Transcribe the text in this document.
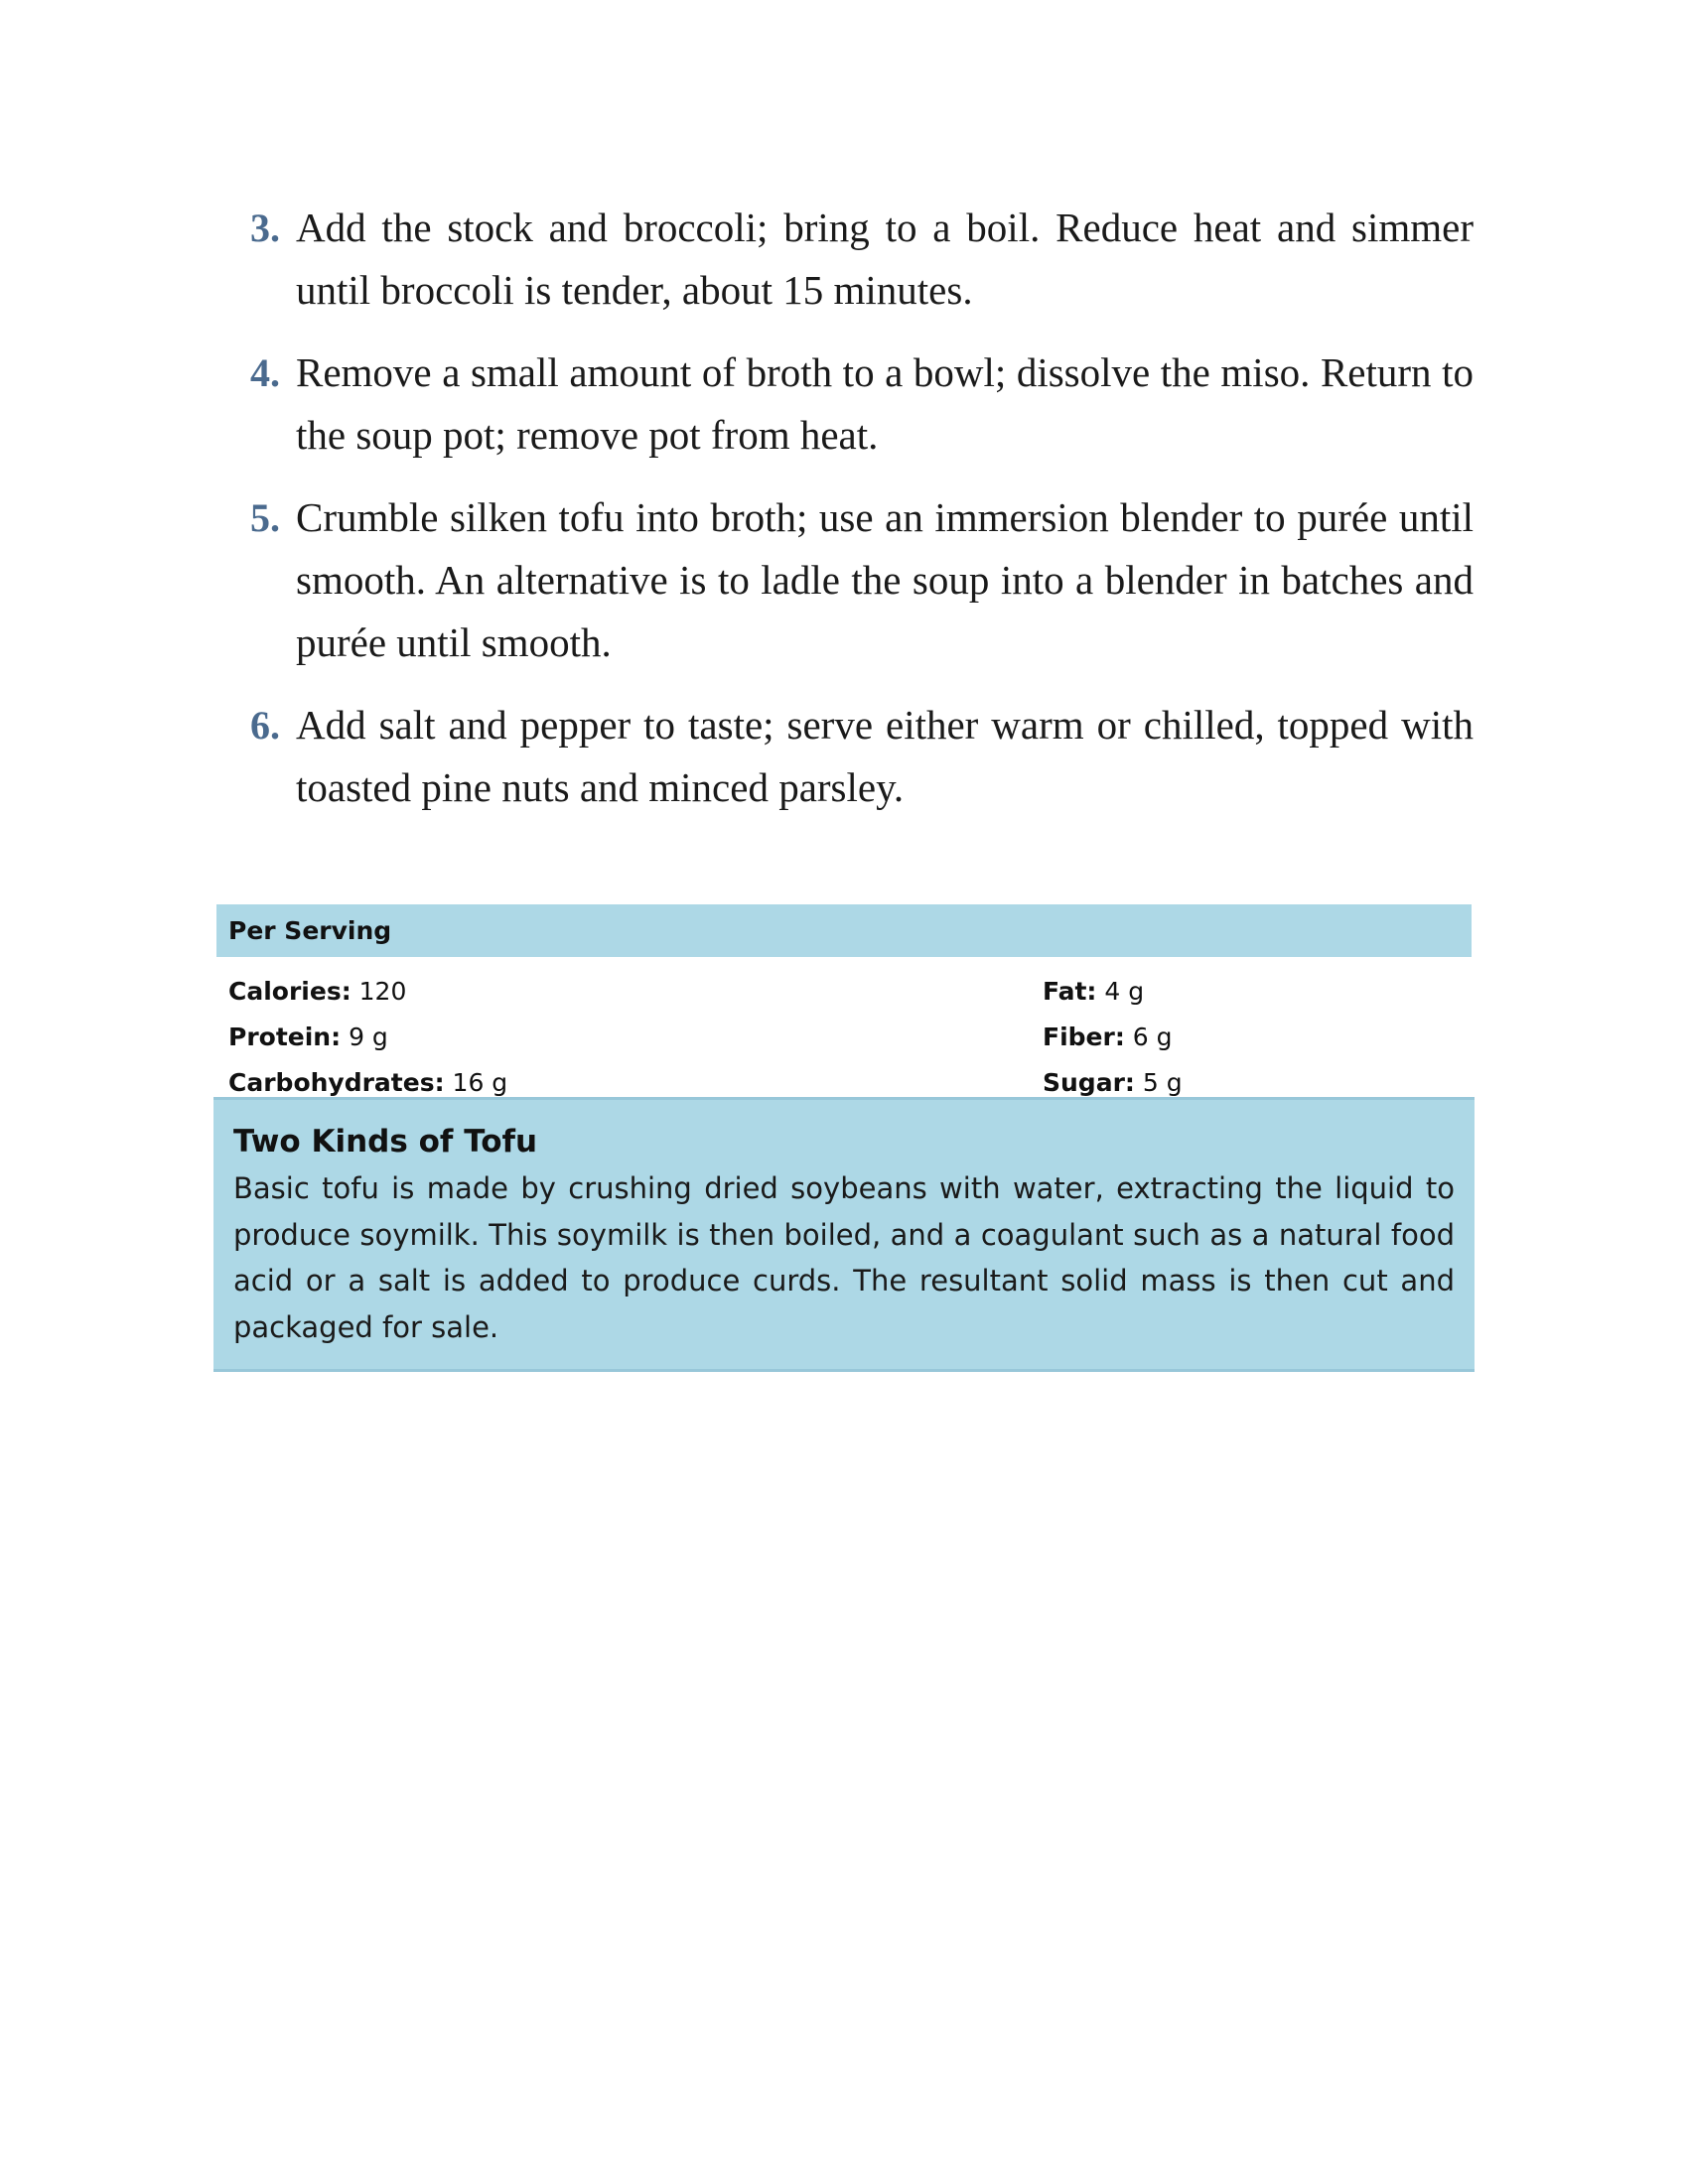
3. Add the stock and broccoli; bring to a boil. Reduce heat and simmer until broccoli is tender, about 15 minutes.
4. Remove a small amount of broth to a bowl; dissolve the miso. Return to the soup pot; remove pot from heat.
5. Crumble silken tofu into broth; use an immersion blender to purée until smooth. An alternative is to ladle the soup into a blender in batches and purée until smooth.
6. Add salt and pepper to taste; serve either warm or chilled, topped with toasted pine nuts and minced parsley.
Per Serving
Calories: 120	Fat: 4 g
Protein: 9 g	Fiber: 6 g
Carbohydrates: 16 g	Sugar: 5 g
Two Kinds of Tofu

Basic tofu is made by crushing dried soybeans with water, extracting the liquid to produce soymilk. This soymilk is then boiled, and a coagulant such as a natural food acid or a salt is added to produce curds. The resultant solid mass is then cut and packaged for sale.
